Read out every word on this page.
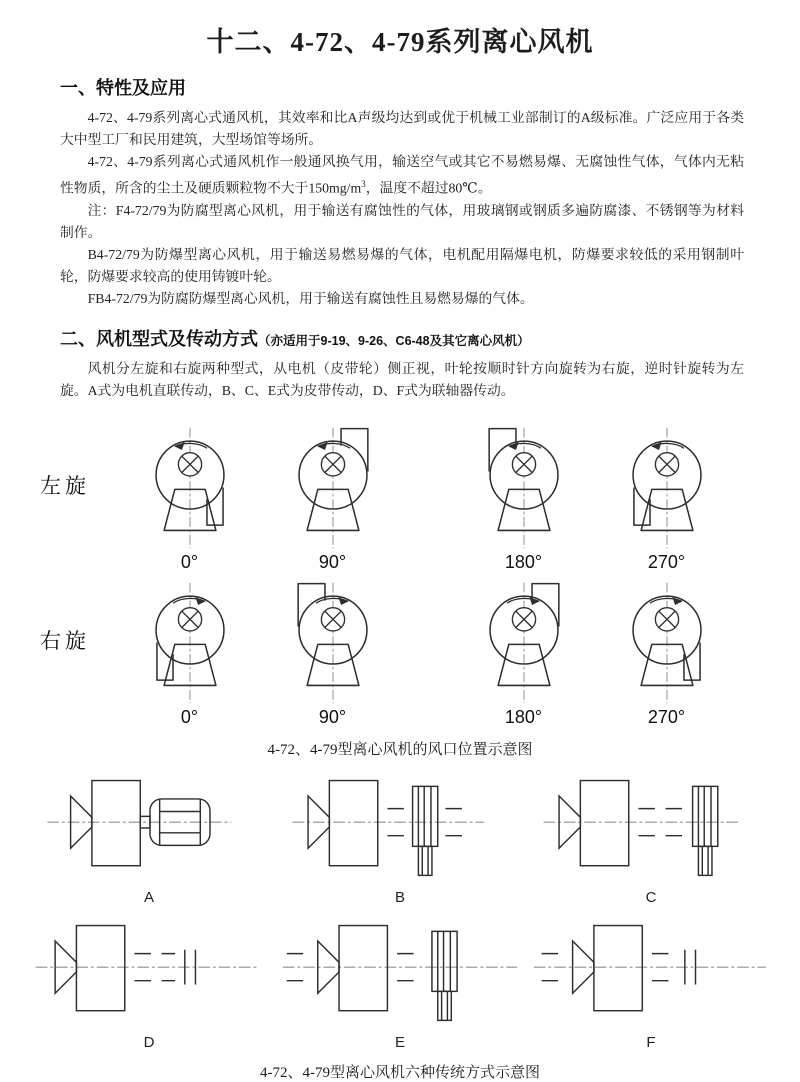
十二、4-72、4-79系列离心风机
一、特性及应用

4-72、4-79系列离心式通风机，其效率和比A声级均达到或优于机械工业部制订的A级标准。广泛应用于各类大中型工厂和民用建筑，大型场馆等场所。

4-72、4-79系列离心式通风机作一般通风换气用，输送空气或其它不易燃易爆、无腐蚀性气体，气体内无粘性物质，所含的尘土及硬质颗粒物不大于$150mg/m^3$，温度不超过80℃。

注：F4-72/79为防腐型离心风机，用于输送有腐蚀性的气体，用玻璃钢或钢质多遍防腐漆、不锈钢等为材料制作。

B4-72/79为防爆型离心风机，用于输送易燃易爆的气体，电机配用隔爆电机，防爆要求较低的采用钢制叶轮，防爆要求较高的使用铸镀叶轮。

FB4-72/79为防腐防爆型离心风机，用于输送有腐蚀性且易燃易爆的气体。

二、风机型式及传动方式（亦适用于9-19、9-26、C6-48及其它离心风机）

风机分左旋和右旋两种型式，从电机（皮带轮）侧正视，叶轮按顺时针方向旋转为右旋，逆时针旋转为左旋。A式为电机直联传动，B、C、E式为皮带传动，D、F式为联轴器传动。

左旋
0°	90°	180°	270°
右旋
0°	90°	180°	270°
4-72、4-79型离心风机的风口位置示意图
A	B	C
D	E	F
4-72、4-79型离心风机六种传统方式示意图
